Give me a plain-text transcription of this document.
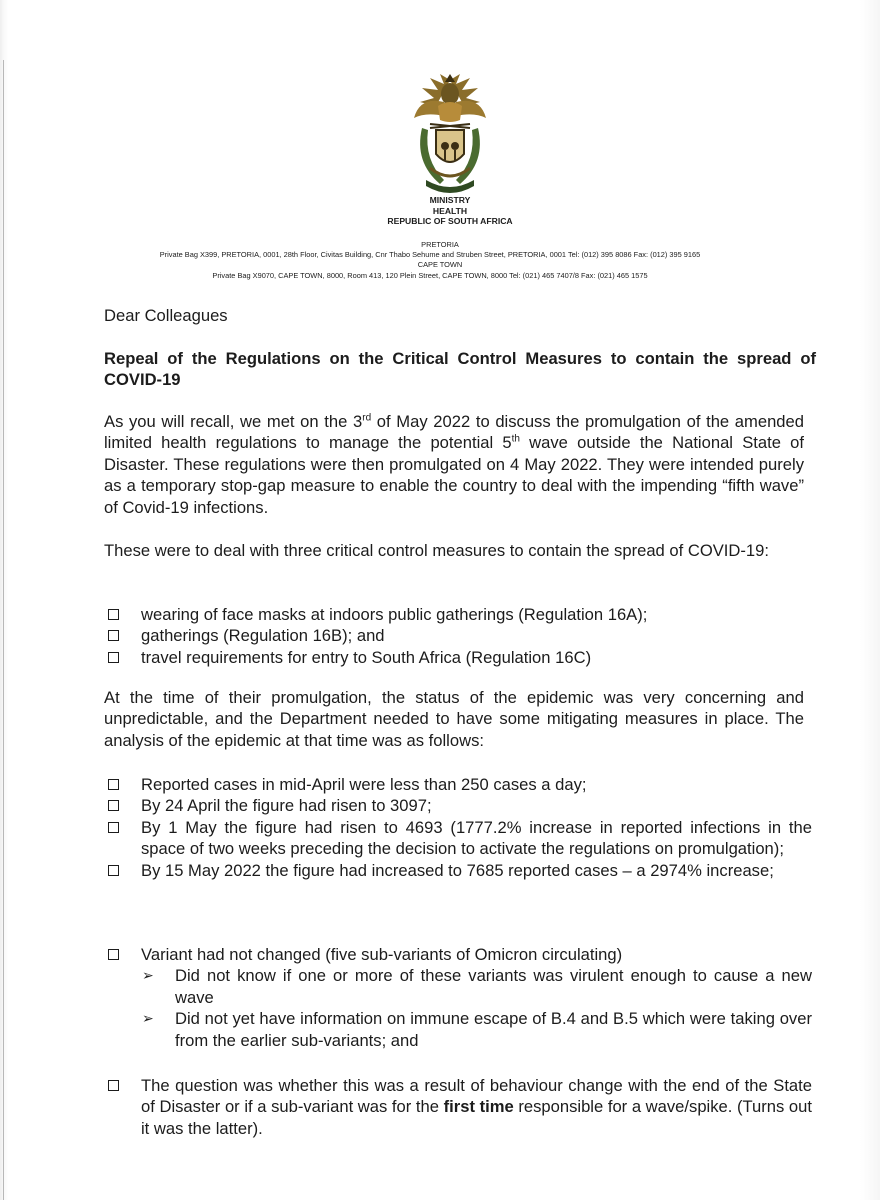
MINISTRY
HEALTH
REPUBLIC OF SOUTH AFRICA
PRETORIA
Private Bag X399, PRETORIA, 0001, 28th Floor, Civitas Building, Cnr Thabo Sehume and Struben Street, PRETORIA, 0001 Tel: (012) 395 8086 Fax: (012) 395 9165
CAPE TOWN
Private Bag X9070, CAPE TOWN, 8000, Room 413, 120 Plein Street, CAPE TOWN, 8000 Tel: (021) 465 7407/8 Fax: (021) 465 1575
Dear Colleagues
Repeal of the Regulations on the Critical Control Measures to contain the spread of COVID-19
As you will recall, we met on the 3rd of May 2022 to discuss the promulgation of the amended limited health regulations to manage the potential 5th wave outside the National State of Disaster. These regulations were then promulgated on 4 May 2022. They were intended purely as a temporary stop-gap measure to enable the country to deal with the impending “fifth wave” of Covid-19 infections.
These were to deal with three critical control measures to contain the spread of COVID-19:
wearing of face masks at indoors public gatherings (Regulation 16A);
gatherings (Regulation 16B); and
travel requirements for entry to South Africa (Regulation 16C)
At the time of their promulgation, the status of the epidemic was very concerning and unpredictable, and the Department needed to have some mitigating measures in place. The analysis of the epidemic at that time was as follows:
Reported cases in mid-April were less than 250 cases a day;
By 24 April the figure had risen to 3097;
By 1 May the figure had risen to 4693 (1777.2% increase in reported infections in the space of two weeks preceding the decision to activate the regulations on promulgation);
By 15 May 2022 the figure had increased to 7685 reported cases – a 2974% increase;
Variant had not changed (five sub-variants of Omicron circulating)
➢ Did not know if one or more of these variants was virulent enough to cause a new wave
➢ Did not yet have information on immune escape of B.4 and B.5 which were taking over from the earlier sub-variants; and
The question was whether this was a result of behaviour change with the end of the State of Disaster or if a sub-variant was for the first time responsible for a wave/spike. (Turns out it was the latter).
